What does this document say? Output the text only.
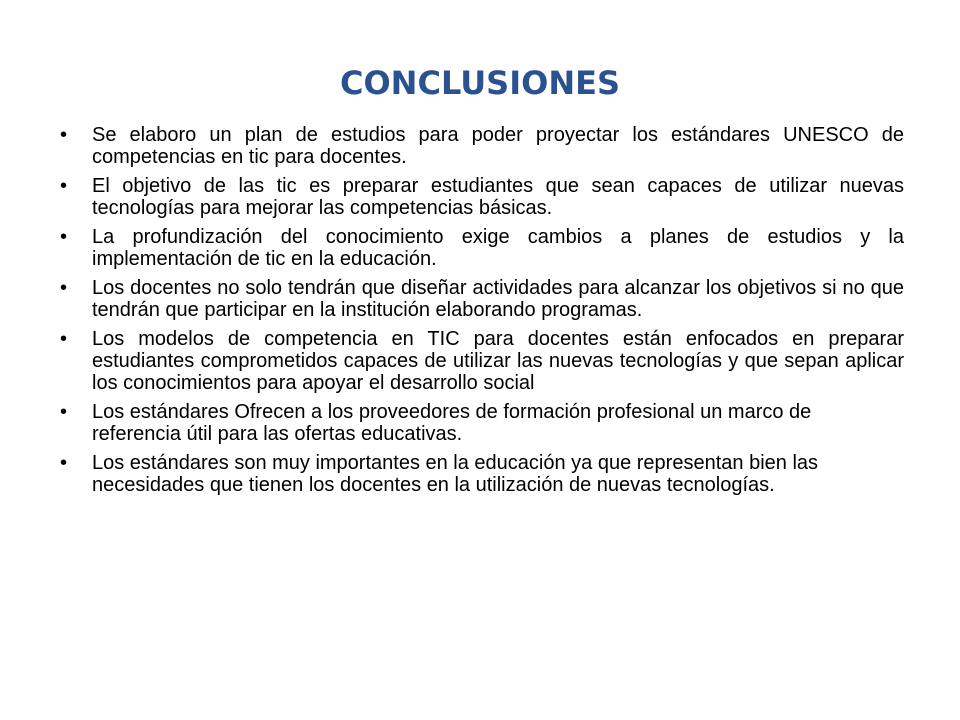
CONCLUSIONES
•	Se elaboro un plan de estudios para poder proyectar los estándares UNESCO de competencias en tic para docentes.
•	El objetivo de las tic es preparar estudiantes que sean capaces de utilizar nuevas tecnologías para mejorar las competencias básicas.
•	La profundización del conocimiento exige cambios a planes de estudios y la implementación de tic en la educación.
•	Los docentes no solo tendrán que diseñar actividades para alcanzar los objetivos si no que tendrán que participar en la institución elaborando programas.
•	Los modelos de competencia en TIC para docentes están enfocados en preparar estudiantes comprometidos capaces de utilizar las nuevas tecnologías y que sepan aplicar los conocimientos para apoyar el desarrollo social
•	Los estándares Ofrecen a los proveedores de formación profesional un marco de referencia útil para las ofertas educativas.
•	Los estándares son muy importantes en la educación ya que representan bien las necesidades que tienen los docentes en la utilización de nuevas tecnologías.
